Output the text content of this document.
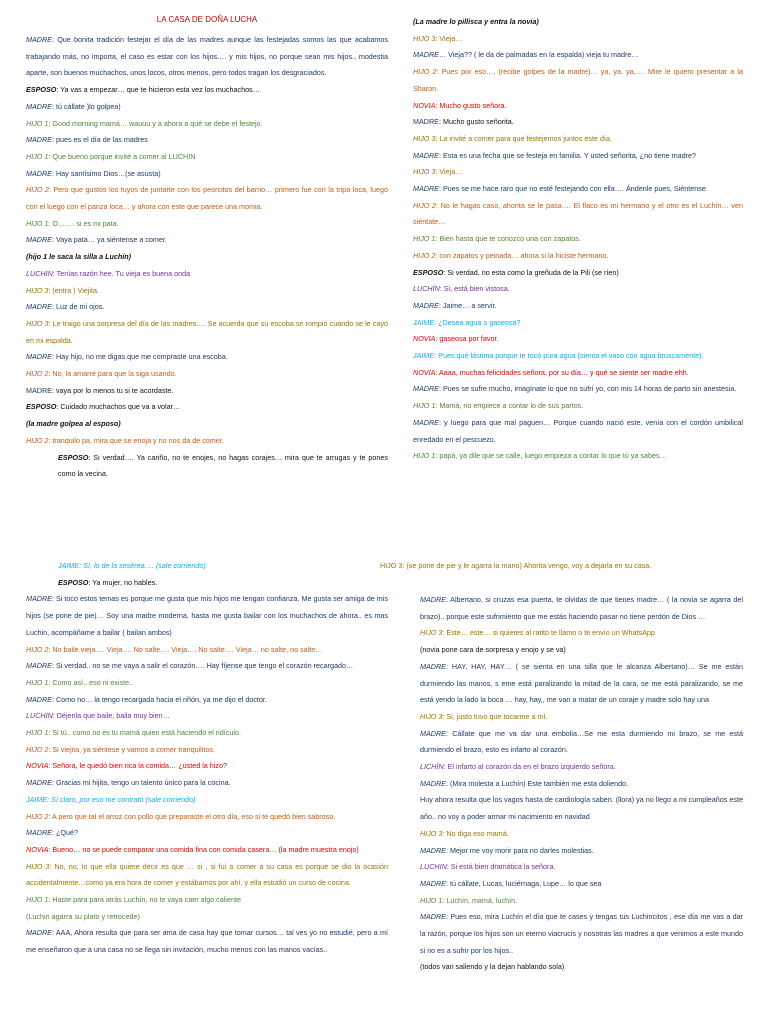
LA CASA DE DOÑA LUCHA

MADRE: Que bonita tradición festejar el día de las madres aunque las festejadas somos las que acabamos trabajando más, no importa, el caso es estar con los hijos…. y mis hijos, no porque sean mis hijos., modestia aparte, son buenos muchachos, unos locos, otros menos, pero todos tragan los desgraciados.

ESPOSO: Ya vas a empezar… que te hicieron esta vez los muchachos…

MADRE: tú cállate )lo golpea)

HIJO 1: Good morning mamá… wauuu y a ahora a qué se debe el festejo.

MADRE: pues es el día de las madres

HIJO 1: Que bueno porque invité a comer al LUCHIN

MADRE: Hay santísimo Dios…(se asusta)

HIJO 2: Pero que gustos los tuyos de juntarte con los peorcitos del barrio… primero fue con la tripa loca, luego con el luego con el panza loca… y ahora con este que parece una momia.

HIJO 1: O……. si es mi pata.

MADRE: Vaya pata… ya siéntense a comer.

(hijo 1 le saca la silla a Luchín)

LUCHIN: Tenías razón hee. Tu vieja es buena onda

HIJO 3: (entra ) Viejita.

MADRE: Luz de mi ojos.

HIJO 3: Le traigo una sorpresa del día de las madres…. Se acuerda que su escoba se rompió cuando se le cayó en mi espalda.

MADRE: Hay hijo, no me digas que me compraste una escoba.

HIJO 2: No, la amarré para que la siga usando.

MADRE: vaya por lo menos tu si te acordaste.

ESPOSO: Cuidado muchachos que va a volar…

(la madre golpea al esposo)

HIJO 2: tranquilo pa, mira que se enoja y no nos da de comer.

ESPOSO: Si verdad…. Ya cariño, no te enojes, no hagas corajes… mira que te arrugas y te pones como la vecina.

(La madre lo pillisca y entra la novia)

HIJO 3: Vieja…

MADRE… Vieja?? ( le da de palmadas en la espalda) vieja tu madre…

HIJO 2: Pues por eso…, (recibe golpes de la madre)… ya, ya, ya,…. Mire le quiero presentar a la Sharon.

NOVIA: Mucho gusto señora.

MADRE: Mucho gusto señorita.

HIJO 3: La invité a comer para que festejemos juntos este día.

MADRE: Esta es una fecha que se festeja en familia. Y usted señorita, ¿no tiene madre?

HIJO 3: Vieja…

MADRE: Pues se me hace raro que no esté festejando con ella…. Ándenle pues, Siéntense.

HIJO 2: No le hagas caso, ahorita se le pasa…. El flaco es mi hermano y el otro es el Luchín… ven siéntate…

HIJO 1: Bien hasta que te conozco una con zapatos.

HIJO 2: con zapatos y peinada… ahora si la hiciste hermano.

ESPOSO: Si verdad, no esta como la greñuda de la Pili (se ríen)

LUCHÍN: Si, está bien vistosa.

MADRE: Jaime… a servir.

JAIME: ¿Desea agua o gaseosa?

NOVIA: gaseosa por favor.

JAIME: Pues qué lástima porque te tocó pura agua (sienta el vaso con agua bruscamente).

NOVIA: Aaaa, muchas felicidades señora, por su día… y qué se siente ser madre ehh.

MADRE: Pues se sufre mucho, imagínate lo que no sufrí yo, con mis 14 horas de parto sin anestesia.

HIJO 1: Mamá, no empiece a contar lo de sus partos.

MADRE: y luego para que mal paguen… Porque cuando nació este, venía con el cordón umbilical enredado en el pescuezo.

HIJO 1: papá, ya dile que se calle, luego empieza a contar lo que tú ya sabes…

JAIME: Sí, lo de la sesérea…. (sale corriendo)

ESPOSO: Ya mujer, no hables.

MADRE: Si toco estos temas es porque me gusta que mis hijos me tengan confianza. Me gusta ser amiga de mis hijos (se pone de pie)… Soy una madre moderna, hasta me gusta bailar con los muchachos de ahora.. es mas Luchin, acompáñame a bailar ( bailan ambos)

HIJO 2: No baile vieja…. Vieja…. No salte…. Vieja…. No salte…. Vieja… no salte, no salte…

MADRE: Si verdad.. no se me vaya a salir el corazón…. Hay fíjense que tengo el corazón recargado…

HIJO 1: Como así.. eso ni existe..

MADRE: Como no… la tengo recargada hacia el riñón, ya me dijo el doctor.

LUCHIN: Déjenla que baile, baila muy bien…

HIJO 1: Si tú.. como no es tu mamá quien está haciendo el ridículo.

HIJO 2: Si viejita, ya siéntese y vamos a comer tranquilitos.

NOVIA: Señora, le quedó bien rica la comida… ¿usted la hizo?

MADRE: Gracias mi hijita, tengo un talento único para la cocina.

JAIME: Sí claro, por eso me contrató (sale corriendo)

HIJO 2: A pero que tal el arroz con pollo que preparaste el otro día, eso si te quedó bien sabroso.

MADRE: ¿Qué?

NOVIA: Bueno… no se puede comparar una comida fina con comida casera… (la madre muestra enojo)

HIJO 3: No, no, lo que ella quiere decir es que … si , si fui a comer a su casa es porque se dio la ocasión accidentalmente…como ya era hora de comer y estábamos por ahí, y ella estudió un curso de cocina.

HIJO 1: Haste para para atrás Luchín, no te vaya caer algo caliente

(Luchin agarra su plato y retrocede)

MADRE: AAA, Ahora resulta que para ser ama de casa hay que tomar cursos… tal ves yo no estudié, pero a mí me enseñaron que a una casa no se llega sin invitación, mucho menos con las manos vacías..

MADRE: Albertano, si cruzas esa puerta, te olvidas de que tienes madre… ( la novia se agarra del brazo).. porque este sufrimiento que me estás haciendo pasar no tiene perdón de Dios …

HIJO 3: Este… este… si quieres al ratito te llamo o te envío un WhatsApp

(novia pone cara de sorpresa y enojo y se va)

MADRE: HAY, HAY, HAY… ( se sienta en una silla que le alcanza Albertano)… Se me están durmiendo las manos, s eme está paralizando la mitad de la cara, se me está paralizando, se me está yendo la lado la boca … hay, hay,, me van a matar de un coraje y madre solo hay una

HIJO 3: Si, justo tuvo que tocarme a mí.

MADRE: Cállate que me va dar una embolia…Se me esta durmiendo mi brazo, se me está durmiendo el brazo, esto es infarto al corazón.

LICHÍN: El infarto al corazón da en el brazo izquierdo señora.

MADRE: (Mira molesta a Luchín) Este también me esta doliendo.

Huy ahora resulta que los vagos hasta de cardiología saben. (llora) ya no llego a mi cumpleaños este año.. no voy a poder armar mi nacimiento en navidad

HIJO 3: No diga eso mamá.

MADRE: Mejor me voy morir para no darles molestias.

LUCHIN: Si está bien dramática la señora.

MADRE: tú cállate, Lucas, luciérnaga, Lupe… lo que sea

HIJO 1: Luchín, mamá, luchín.

MADRE: Pues eso, mira Luchín el día que te cases y tengas tus Luchincitos , ese día me vas a dar la razón, porque los hijos son un eterno viacrucis y nosotras las madres a que venimos a este mundo si no es a sufrir por los hijos..

(todos van saliendo y la dejan hablando sola)

HIJO 3: (se pone de pie y le agarra la mano) Ahorita vengo, voy a dejarla en su casa.
